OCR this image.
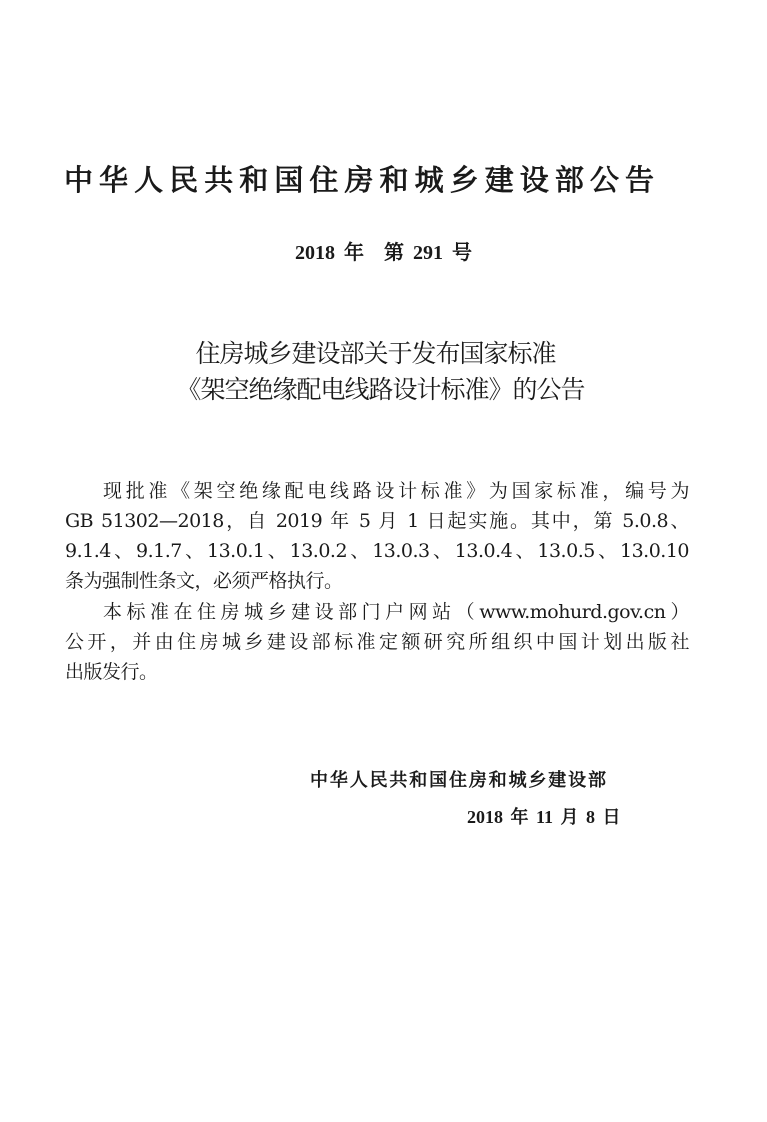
中华人民共和国住房和城乡建设部公告
2018 年　第 291 号
住房城乡建设部关于发布国家标准
《架空绝缘配电线路设计标准》的公告
现批准《架空绝缘配电线路设计标准》为国家标准，编号为
GB 51302—2018，自 2019 年 5 月 1 日起实施。其中，第 5.0.8、
9.1.4、9.1.7、13.0.1、13.0.2、13.0.3、13.0.4、13.0.5、13.0.10
条为强制性条文，必须严格执行。
本标准在住房城乡建设部门户网站（www.mohurd.gov.cn）
公开，并由住房城乡建设部标准定额研究所组织中国计划出版社
出版发行。
中华人民共和国住房和城乡建设部
2018 年 11 月 8 日
